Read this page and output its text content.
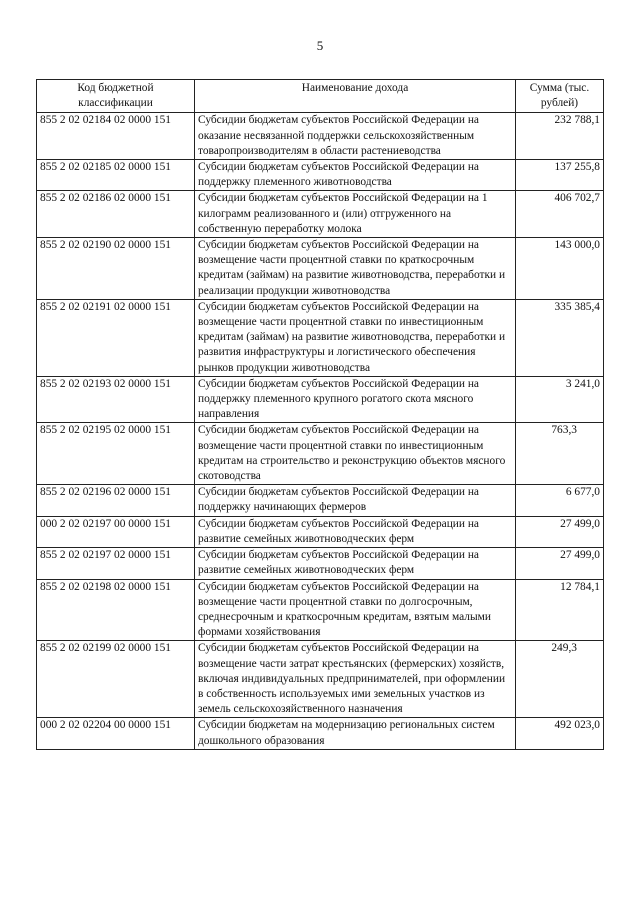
5
Код бюджетной классификации	Наименование дохода	Сумма (тыс. рублей)
855 2 02 02184 02 0000 151	Субсидии бюджетам субъектов Российской Федерации на оказание несвязанной поддержки сельскохозяйственным товаропроизводителям в области растениеводства	232 788,1
855 2 02 02185 02 0000 151	Субсидии бюджетам субъектов Российской Федерации на поддержку племенного животноводства	137 255,8
855 2 02 02186 02 0000 151	Субсидии бюджетам субъектов Российской Федерации на 1 килограмм реализованного и (или) отгруженного на собственную переработку молока	406 702,7
855 2 02 02190 02 0000 151	Субсидии бюджетам субъектов Российской Федерации на возмещение части процентной ставки по краткосрочным кредитам (займам) на развитие животноводства, переработки и реализации продукции животноводства	143 000,0
855 2 02 02191 02 0000 151	Субсидии бюджетам субъектов Российской Федерации на возмещение части процентной ставки по инвестиционным кредитам (займам) на развитие животноводства, переработки и развития инфраструктуры и логистического обеспечения рынков продукции животноводства	335 385,4
855 2 02 02193 02 0000 151	Субсидии бюджетам субъектов Российской Федерации на поддержку племенного крупного рогатого скота мясного направления	3 241,0
855 2 02 02195 02 0000 151	Субсидии бюджетам субъектов Российской Федерации на возмещение части процентной ставки по инвестиционным кредитам на строительство и реконструкцию объектов мясного скотоводства	763,3
855 2 02 02196 02 0000 151	Субсидии бюджетам субъектов Российской Федерации на поддержку начинающих фермеров	6 677,0
000 2 02 02197 00 0000 151	Субсидии бюджетам субъектов Российской Федерации на развитие семейных животноводческих ферм	27 499,0
855 2 02 02197 02 0000 151	Субсидии бюджетам субъектов Российской Федерации на развитие семейных животноводческих ферм	27 499,0
855 2 02 02198 02 0000 151	Субсидии бюджетам субъектов Российской Федерации на возмещение части процентной ставки по долгосрочным, среднесрочным и краткосрочным кредитам, взятым малыми формами хозяйствования	12 784,1
855 2 02 02199 02 0000 151	Субсидии бюджетам субъектов Российской Федерации на возмещение части затрат крестьянских (фермерских) хозяйств, включая индивидуальных предпринимателей, при оформлении в собственность используемых ими земельных участков из земель сельскохозяйственного назначения	249,3
000 2 02 02204 00 0000 151	Субсидии бюджетам на модернизацию региональных систем дошкольного образования	492 023,0
